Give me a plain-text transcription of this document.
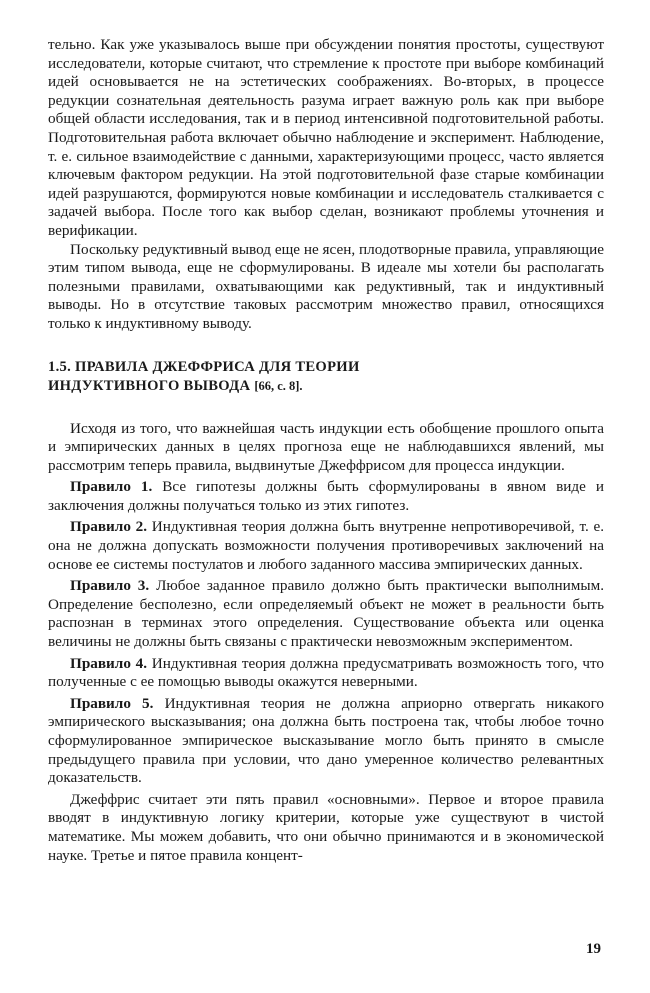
тельно. Как уже указывалось выше при обсуждении понятия простоты, существуют исследователи, которые считают, что стремление к простоте при выборе комбинаций идей основывается не на эстетических соображениях. Во-вторых, в процессе редукции сознательная деятельность разума играет важную роль как при выборе общей области исследования, так и в период интенсивной подготовительной работы. Подготовительная работа включает обычно наблюдение и эксперимент. Наблюдение, т. е. сильное взаимодействие с данными, характеризующими процесс, часто является ключевым фактором редукции. На этой подготовительной фазе старые комбинации идей разрушаются, формируются новые комбинации и исследователь сталкивается с задачей выбора. После того как выбор сделан, возникают проблемы уточнения и верификации.

Поскольку редуктивный вывод еще не ясен, плодотворные правила, управляющие этим типом вывода, еще не сформулированы. В идеале мы хотели бы располагать полезными правилами, охватывающими как редуктивный, так и индуктивный выводы. Но в отсутствие таковых рассмотрим множество правил, относящихся только к индуктивному выводу.

1.5. ПРАВИЛА ДЖЕФФРИСА ДЛЯ ТЕОРИИ
ИНДУКТИВНОГО ВЫВОДА [66, с. 8].

Исходя из того, что важнейшая часть индукции есть обобщение прошлого опыта и эмпирических данных в целях прогноза еще не наблюдавшихся явлений, мы рассмотрим теперь правила, выдвинутые Джеффрисом для процесса индукции.

Правило 1. Все гипотезы должны быть сформулированы в явном виде и заключения должны получаться только из этих гипотез.

Правило 2. Индуктивная теория должна быть внутренне непротиворечивой, т. е. она не должна допускать возможности получения противоречивых заключений на основе ее системы постулатов и любого заданного массива эмпирических данных.

Правило 3. Любое заданное правило должно быть практически выполнимым. Определение бесполезно, если определяемый объект не может в реальности быть распознан в терминах этого определения. Существование объекта или оценка величины не должны быть связаны с практически невозможным экспериментом.

Правило 4. Индуктивная теория должна предусматривать возможность того, что полученные с ее помощью выводы окажутся неверными.

Правило 5. Индуктивная теория не должна априорно отвергать никакого эмпирического высказывания; она должна быть построена так, чтобы любое точно сформулированное эмпирическое высказывание могло быть принято в смысле предыдущего правила при условии, что дано умеренное количество релевантных доказательств.

Джеффрис считает эти пять правил «основными». Первое и второе правила вводят в индуктивную логику критерии, которые уже существуют в чистой математике. Мы можем добавить, что они обычно принимаются и в экономической науке. Третье и пятое правила концент-

19
